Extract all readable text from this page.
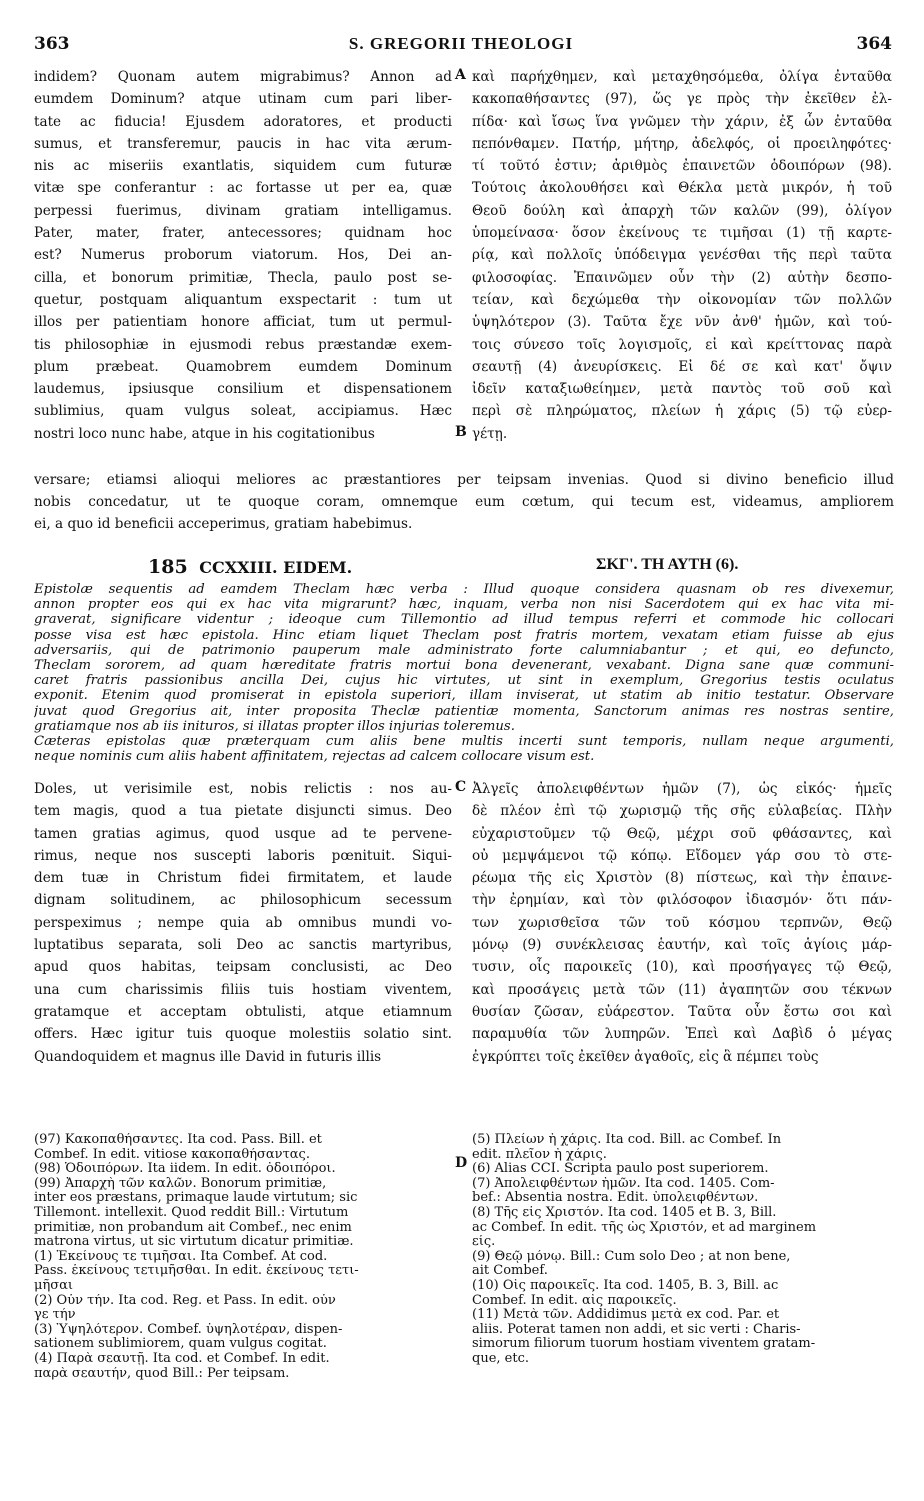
363	S. GREGORII THEOLOGI	364
indidem? Quonam autem migrabimus? Annon ad
eumdem Dominum? atque utinam cum pari liber-
tate ac fiducia! Ejusdem adoratores, et producti
sumus, et transferemur, paucis in hac vita ærum-
nis ac miseriis exantlatis, siquidem cum futuræ
vitæ spe conferantur : ac fortasse ut per ea, quæ
perpessi fuerimus, divinam gratiam intelligamus.
Pater, mater, frater, antecessores; quidnam hoc
est? Numerus proborum viatorum. Hos, Dei an-
cilla, et bonorum primitiæ, Thecla, paulo post se-
quetur, postquam aliquantum exspectarit : tum ut
illos per patientiam honore afficiat, tum ut permul-
tis philosophiæ in ejusmodi rebus præstandæ exem-
plum præbeat. Quamobrem eumdem Dominum
laudemus, ipsiusque consilium et dispensationem
sublimius, quam vulgus soleat, accipiamus. Hæc
nostri loco nunc habe, atque in his cogitationibus
καὶ παρήχθημεν, καὶ μεταχθησόμεθα, ὀλίγα ἐνταῦθα
κακοπαθήσαντες (97), ὥς γε πρὸς τὴν ἐκεῖθεν ἐλ-
πίδα· καὶ ἴσως ἵνα γνῶμεν τὴν χάριν, ἐξ ὧν ἐνταῦθα
πεπόνθαμεν. Πατήρ, μήτηρ, ἀδελφός, οἱ προειληφότες·
τί τοῦτό ἐστιν; ἀριθμὸς ἐπαινετῶν ὁδοιπόρων (98).
Τούτοις ἀκολουθήσει καὶ Θέκλα μετὰ μικρόν, ἡ τοῦ
Θεοῦ δούλη καὶ ἀπαρχὴ τῶν καλῶν (99), ὀλίγον
ὑπομείνασα· ὅσον ἐκείνους τε τιμῆσαι (1) τῇ καρτε-
ρίᾳ, καὶ πολλοῖς ὑπόδειγμα γενέσθαι τῆς περὶ ταῦτα
φιλοσοφίας. Ἐπαινῶμεν οὖν τὴν (2) αὐτὴν δεσπο-
τείαν, καὶ δεχώμεθα τὴν οἰκονομίαν τῶν πολλῶν
ὑψηλότερον (3). Ταῦτα ἔχε νῦν ἀνθ' ἡμῶν, καὶ τού-
τοις σύνεσο τοῖς λογισμοῖς, εἰ καὶ κρείττονας παρὰ
σεαυτῇ (4) ἀνευρίσκεις. Εἰ δέ σε καὶ κατ' ὄψιν
ἰδεῖν καταξιωθείημεν, μετὰ παντὸς τοῦ σοῦ καὶ
περὶ σὲ πληρώματος, πλείων ἡ χάρις (5) τῷ εὐερ-
γέτῃ.
A
B
versare; etiamsi alioqui meliores ac præstantiores per teipsam invenias. Quod si divino beneficio illud
nobis concedatur, ut te quoque coram, omnemque eum cœtum, qui tecum est, videamus, ampliorem
ei, a quo id beneficii acceperimus, gratiam habebimus.
185 CCXXIII. EIDEM.	ΣΚΓ'. ΤΗ ΑΥΤΗ (6).
Epistolæ sequentis ad eamdem Theclam hæc verba : Illud quoque considera quasnam ob res divexemur,
annon propter eos qui ex hac vita migrarunt? hæc, inquam, verba non nisi Sacerdotem qui ex hac vita mi-
graverat, significare videntur ; ideoque cum Tillemontio ad illud tempus referri et commode hic collocari
posse visa est hæc epistola. Hinc etiam liquet Theclam post fratris mortem, vexatam etiam fuisse ab ejus
adversariis, qui de patrimonio pauperum male administrato forte calumniabantur ; et qui, eo defuncto,
Theclam sororem, ad quam hæreditate fratris mortui bona devenerant, vexabant. Digna sane quæ communi-
caret fratris passionibus ancilla Dei, cujus hic virtutes, ut sint in exemplum, Gregorius testis oculatus
exponit. Etenim quod promiserat in epistola superiori, illam inviserat, ut statim ab initio testatur. Observare
juvat quod Gregorius ait, inter proposita Theclæ patientiæ momenta, Sanctorum animas res nostras sentire,
gratiamque nos ab iis inituros, si illatas propter illos injurias toleremus.
Cæteras epistolas quæ præterquam cum aliis bene multis incerti sunt temporis, nullam neque argumenti,
neque nominis cum aliis habent affinitatem, rejectas ad calcem collocare visum est.
Doles, ut verisimile est, nobis relictis : nos au-
tem magis, quod a tua pietate disjuncti simus. Deo
tamen gratias agimus, quod usque ad te pervene-
rimus, neque nos suscepti laboris pœnituit. Siqui-
dem tuæ in Christum fidei firmitatem, et laude
dignam solitudinem, ac philosophicum secessum
perspeximus ; nempe quia ab omnibus mundi vo-
luptatibus separata, soli Deo ac sanctis martyribus,
apud quos habitas, teipsam conclusisti, ac Deo
una cum charissimis filiis tuis hostiam viventem,
gratamque et acceptam obtulisti, atque etiamnum
offers. Hæc igitur tuis quoque molestiis solatio sint.
Quandoquidem et magnus ille David in futuris illis
Ἀλγεῖς ἀπολειφθέντων ἡμῶν (7), ὡς εἰκός· ἡμεῖς
δὲ πλέον ἐπὶ τῷ χωρισμῷ τῆς σῆς εὐλαβείας. Πλὴν
εὐχαριστοῦμεν τῷ Θεῷ, μέχρι σοῦ φθάσαντες, καὶ
οὐ μεμψάμενοι τῷ κόπῳ. Εἴδομεν γάρ σου τὸ στε-
ρέωμα τῆς εἰς Χριστὸν (8) πίστεως, καὶ τὴν ἐπαινε-
τὴν ἐρημίαν, καὶ τὸν φιλόσοφον ἰδιασμόν· ὅτι πάν-
των χωρισθεῖσα τῶν τοῦ κόσμου τερπνῶν, Θεῷ
μόνῳ (9) συνέκλεισας ἑαυτήν, καὶ τοῖς ἁγίοις μάρ-
τυσιν, οἷς παροικεῖς (10), καὶ προσήγαγες τῷ Θεῷ,
καὶ προσάγεις μετὰ τῶν (11) ἀγαπητῶν σου τέκνων
θυσίαν ζῶσαν, εὐάρεστον. Ταῦτα οὖν ἔστω σοι καὶ
παραμυθία τῶν λυπηρῶν. Ἐπεὶ καὶ Δαβὶδ ὁ μέγας
ἐγκρύπτει τοῖς ἐκεῖθεν ἀγαθοῖς, εἰς ἃ πέμπει τοὺς
C
D
(97) Κακοπαθήσαντες. Ita cod. Pass. Bill. et
Combef. In edit. vitiose κακοπαθήσαντας.
(98) Ὁδοιπόρων. Ita iidem. In edit. ὁδοιπόροι.
(99) Ἀπαρχὴ τῶν καλῶν. Bonorum primitiæ,
inter eos præstans, primaque laude virtutum; sic
Tillemont. intellexit. Quod reddit Bill.: Virtutum
primitiæ, non probandum ait Combef., nec enim
matrona virtus, ut sic virtutum dicatur primitiæ.
(1) Ἐκείνους τε τιμῆσαι. Ita Combef. At cod.
Pass. ἐκείνους τετιμῆσθαι. In edit. ἐκείνους τετι-
μῆσαι
(2) Οὖν τήν. Ita cod. Reg. et Pass. In edit. οὖν
γε τήν
(3) Ὑψηλότερον. Combef. ὑψηλοτέραν, dispen-
sationem sublimiorem, quam vulgus cogitat.
(4) Παρὰ σεαυτῇ. Ita cod. et Combef. In edit.
παρὰ σεαυτήν, quod Bill.: Per teipsam.
(5) Πλείων ἡ χάρις. Ita cod. Bill. ac Combef. In
edit. πλεῖον ἡ χάρις.
(6) Alias CCI. Scripta paulo post superiorem.
(7) Ἀπολειφθέντων ἡμῶν. Ita cod. 1405. Com-
bef.: Absentia nostra. Edit. ὑπολειφθέντων.
(8) Τῆς εἰς Χριστόν. Ita cod. 1405 et B. 3, Bill.
ac Combef. In edit. τῆς ὡς Χριστόν, et ad marginem
εἰς.
(9) Θεῷ μόνῳ. Bill.: Cum solo Deo ; at non bene,
ait Combef.
(10) Οἷς παροικεῖς. Ita cod. 1405, B. 3, Bill. ac
Combef. In edit. αἷς παροικεῖς.
(11) Μετὰ τῶν. Addidimus μετὰ ex cod. Par. et
aliis. Poterat tamen non addi, et sic verti : Charis-
simorum filiorum tuorum hostiam viventem gratam-
que, etc.
